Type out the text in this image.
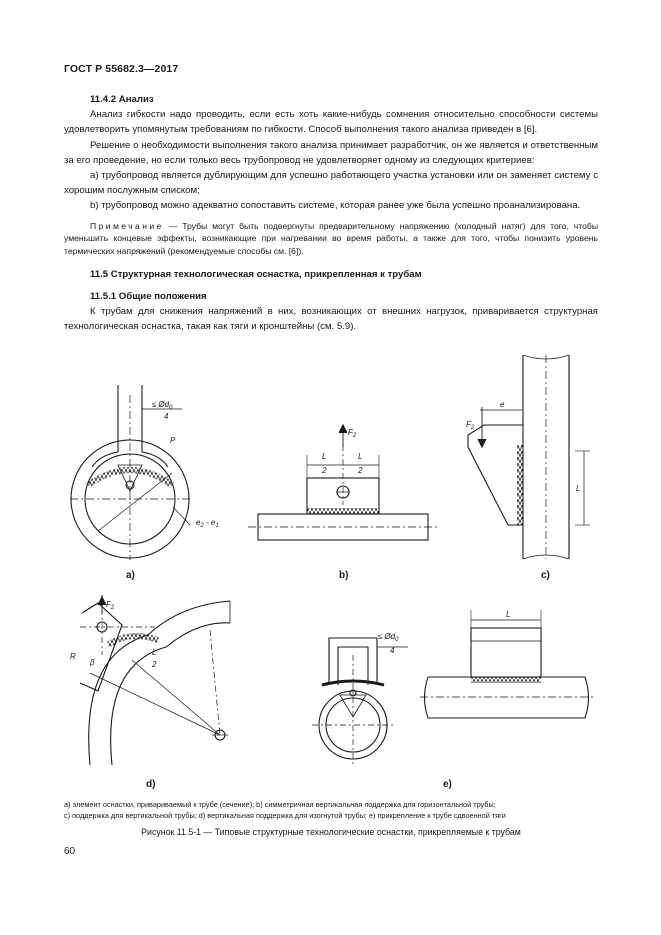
ГОСТ Р 55682.3—2017

11.4.2 Анализ

Анализ гибкости надо проводить, если есть хоть какие-нибудь сомнения относительно способности системы удовлетворить упомянутым требованиям по гибкости. Способ выполнения такого анализа приведен в [6].

Решение о необходимости выполнения такого анализа принимает разработчик, он же является и ответственным за его проведение, но если только весь трубопровод не удовлетворяет одному из следующих критериев:

а) трубопровод является дублирующим для успешно работающего участка установки или он заменяет систему с хорошим послужным списком;

b) трубопровод можно адекватно сопоставить системе, которая ранее уже была успешно проанализирована.

Примечание — Трубы могут быть подвергнуты предварительному напряжению (холодный натяг) для того, чтобы уменьшить концевые эффекты, возникающие при нагревании во время работы, а также для того, чтобы понизить уровень термических напряжений (рекомендуемые способы см. [6]).

11.5 Структурная технологическая оснастка, прикрепленная к трубам

11.5.1 Общие положения

К трубам для снижения напряжений в них, возникающих от внешних нагрузок, приваривается структурная технологическая оснастка, такая как тяги и кронштейны (см. 5.9).

≤ $Ød_0$
4
P
$e_2 - e_1$
a)
L
2
L
2
$F_2$
b)
e
$F_2$
L
c)
$F_2$
R
β
L
2
d)
≤ $Ød_0$
4
L
e)
а) элемент оснастки, привариваемый к трубе (сечение); b) симметричная вертикальная поддержка для горизонтальной трубы;
с) поддержка для вертикальной трубы; d) вертикальная поддержка для изогнутой трубы; е) прикрепление к трубе сдвоенной тяги
Рисунок 11.5-1 — Типовые структурные технологические оснастки, прикрепляемые к трубам
60
